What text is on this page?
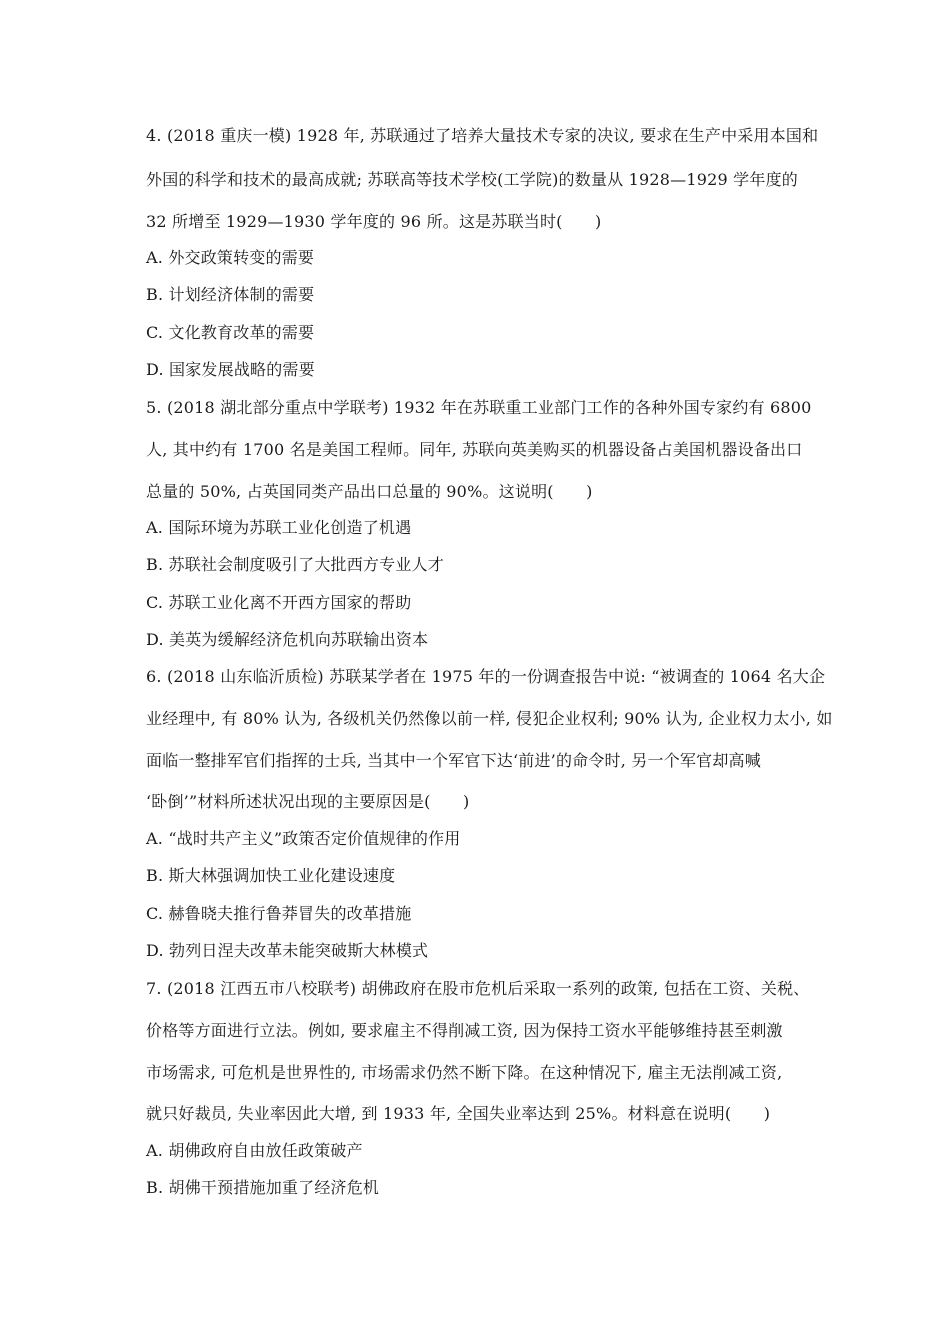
4. (2018 重庆一模) 1928 年, 苏联通过了培养大量技术专家的决议, 要求在生产中采用本国和
外国的科学和技术的最高成就; 苏联高等技术学校(工学院)的数量从 1928—1929 学年度的
32 所增至 1929—1930 学年度的 96 所。这是苏联当时(　　)
A. 外交政策转变的需要
B. 计划经济体制的需要
C. 文化教育改革的需要
D. 国家发展战略的需要
5. (2018 湖北部分重点中学联考) 1932 年在苏联重工业部门工作的各种外国专家约有 6800
人, 其中约有 1700 名是美国工程师。同年, 苏联向英美购买的机器设备占美国机器设备出口
总量的 50%, 占英国同类产品出口总量的 90%。这说明(　　)
A. 国际环境为苏联工业化创造了机遇
B. 苏联社会制度吸引了大批西方专业人才
C. 苏联工业化离不开西方国家的帮助
D. 美英为缓解经济危机向苏联输出资本
6. (2018 山东临沂质检) 苏联某学者在 1975 年的一份调查报告中说: “被调查的 1064 名大企
业经理中, 有 80% 认为, 各级机关仍然像以前一样, 侵犯企业权利; 90% 认为, 企业权力太小, 如
面临一整排军官们指挥的士兵, 当其中一个军官下达‘前进’的命令时, 另一个军官却高喊
‘卧倒’”材料所述状况出现的主要原因是(　　)
A. “战时共产主义”政策否定价值规律的作用
B. 斯大林强调加快工业化建设速度
C. 赫鲁晓夫推行鲁莽冒失的改革措施
D. 勃列日涅夫改革未能突破斯大林模式
7. (2018 江西五市八校联考) 胡佛政府在股市危机后采取一系列的政策, 包括在工资、关税、
价格等方面进行立法。例如, 要求雇主不得削减工资, 因为保持工资水平能够维持甚至刺激
市场需求, 可危机是世界性的, 市场需求仍然不断下降。在这种情况下, 雇主无法削减工资,
就只好裁员, 失业率因此大增, 到 1933 年, 全国失业率达到 25%。材料意在说明(　　)
A. 胡佛政府自由放任政策破产
B. 胡佛干预措施加重了经济危机
